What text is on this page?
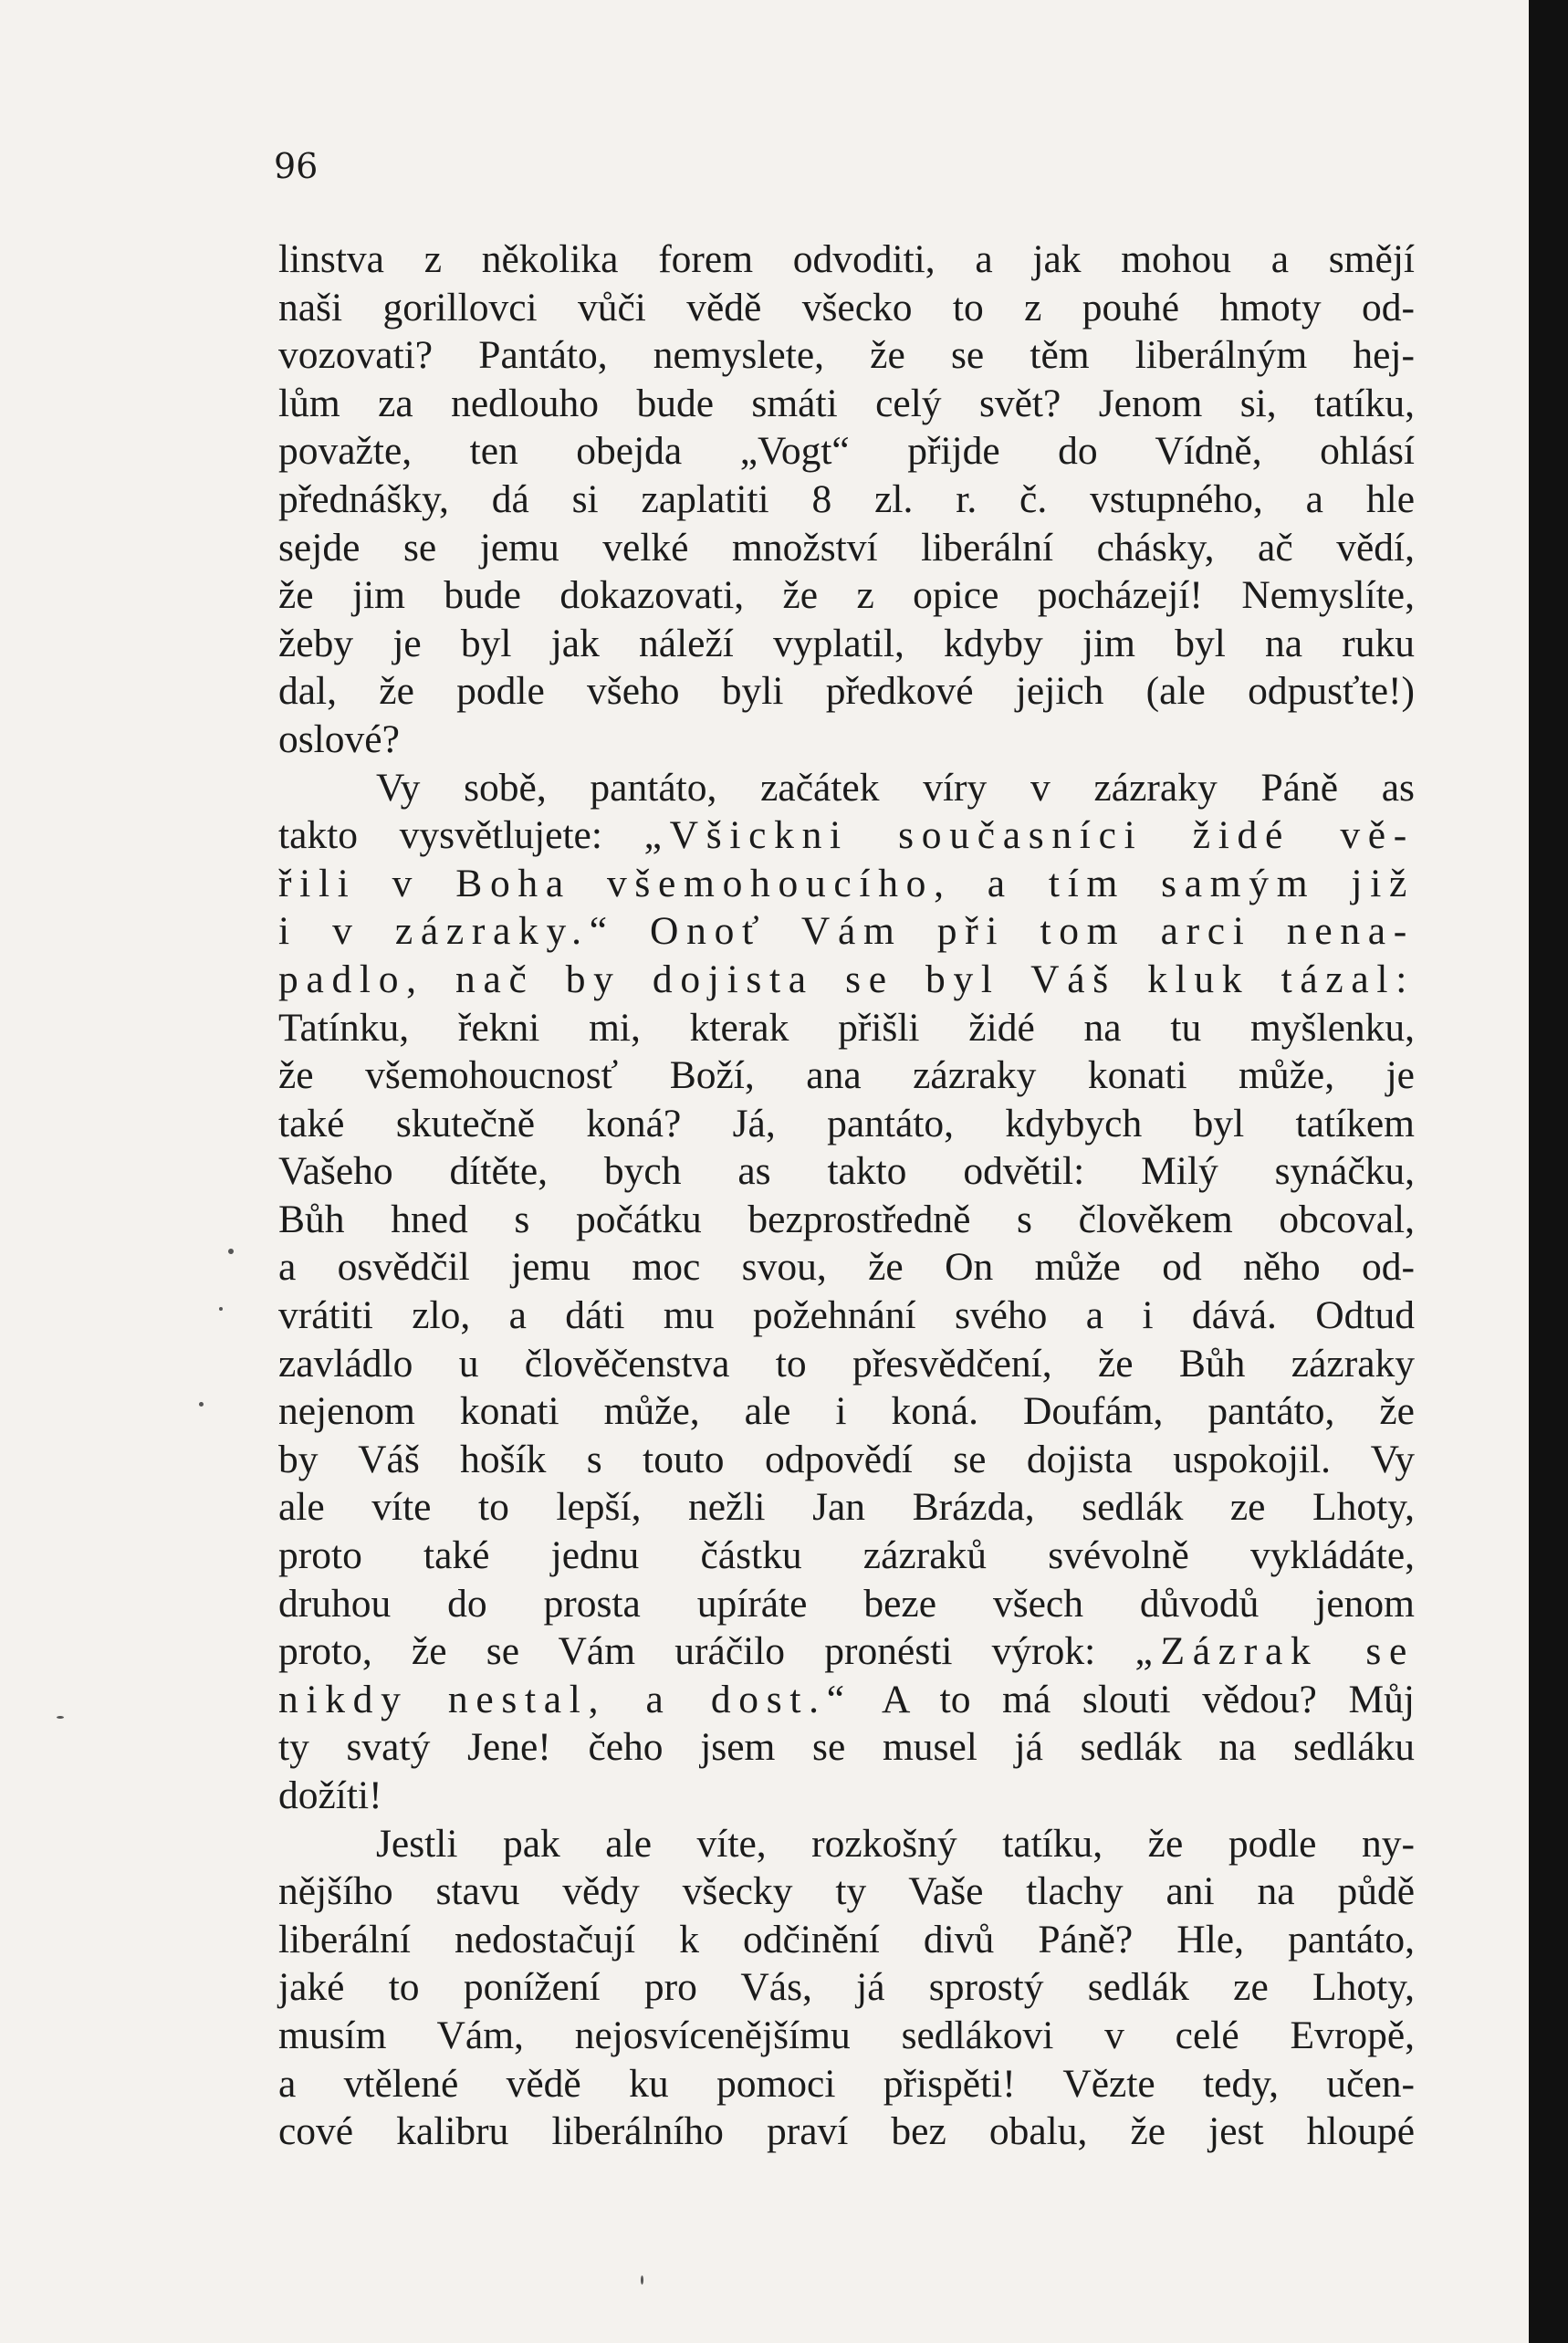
96

linstva z několika forem odvoditi, a jak mohou a smějí
naši gorillovci vůči vědě všecko to z pouhé hmoty od-
vozovati? Pantáto, nemyslete, že se těm liberálným hej-
lům za nedlouho bude smáti celý svět? Jenom si, tatíku,
považte, ten obejda „Vogt“ přijde do Vídně, ohlásí
přednášky, dá si zaplatiti 8 zl. r. č. vstupného, a hle
sejde se jemu velké množství liberální chásky, ač vědí,
že jim bude dokazovati, že z opice pocházejí! Nemyslíte,
žeby je byl jak náleží vyplatil, kdyby jim byl na ruku
dal, že podle všeho byli předkové jejich (ale odpusťte!)
oslové?
Vy sobě, pantáto, začátek víry v zázraky Páně as
takto vysvětlujete: „Všickni současníci židé vě-
řili v Boha všemohoucího, a tím samým již
i v zázraky.“ Onoť Vám při tom arci nena-
padlo, nač by dojista se byl Váš kluk tázal:
Tatínku, řekni mi, kterak přišli židé na tu myšlenku,
že všemohoucnosť Boží, ana zázraky konati může, je
také skutečně koná? Já, pantáto, kdybych byl tatíkem
Vašeho dítěte, bych as takto odvětil: Milý synáčku,
Bůh hned s počátku bezprostředně s člověkem obcoval,
a osvědčil jemu moc svou, že On může od něho od-
vrátiti zlo, a dáti mu požehnání svého a i dává. Odtud
zavládlo u člověčenstva to přesvědčení, že Bůh zázraky
nejenom konati může, ale i koná. Doufám, pantáto, že
by Váš hošík s touto odpovědí se dojista uspokojil. Vy
ale víte to lepší, nežli Jan Brázda, sedlák ze Lhoty,
proto také jednu částku zázraků svévolně vykládáte,
druhou do prosta upíráte beze všech důvodů jenom
proto, že se Vám uráčilo pronésti výrok: „Zázrak se
nikdy nestal, a dost.“ A to má slouti vědou? Můj
ty svatý Jene! čeho jsem se musel já sedlák na sedláku
dožíti!
Jestli pak ale víte, rozkošný tatíku, že podle ny-
nějšího stavu vědy všecky ty Vaše tlachy ani na půdě
liberální nedostačují k odčinění divů Páně? Hle, pantáto,
jaké to ponížení pro Vás, já sprostý sedlák ze Lhoty,
musím Vám, nejosvícenějšímu sedlákovi v celé Evropě,
a vtělené vědě ku pomoci přispěti! Vězte tedy, učen-
cové kalibru liberálního praví bez obalu, že jest hloupé
